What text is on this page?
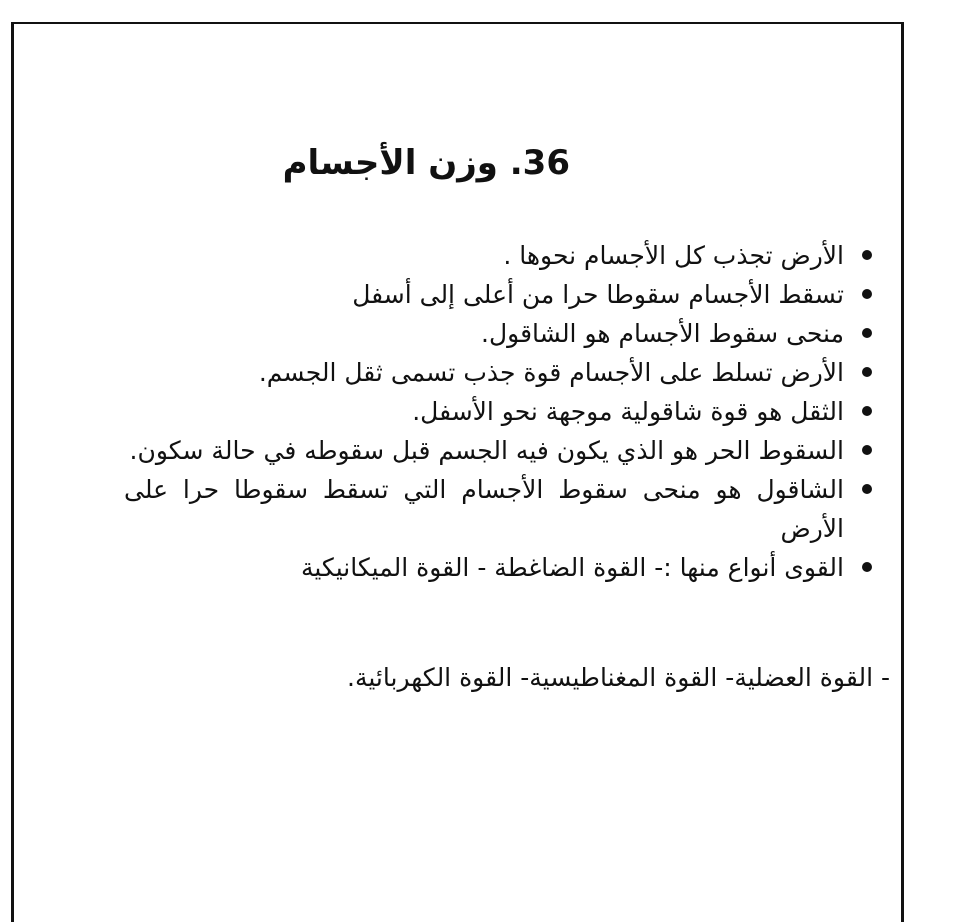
36. وزن الأجسام
الأرض تجذب كل الأجسام نحوها .
تسقط الأجسام سقوطا حرا من أعلى إلى أسفل
منحى سقوط الأجسام هو الشاقول.
الأرض تسلط على الأجسام قوة جذب تسمى ثقل الجسم.
الثقل هو قوة شاقولية موجهة نحو الأسفل.
السقوط الحر هو الذي يكون فيه الجسم قبل سقوطه في حالة سكون.
الشاقول هو منحى سقوط الأجسام التي تسقط سقوطا حرا على الأرض
القوى أنواع منها :- القوة الضاغطة - القوة الميكانيكية
- القوة العضلية- القوة المغناطيسية- القوة الكهربائية.
